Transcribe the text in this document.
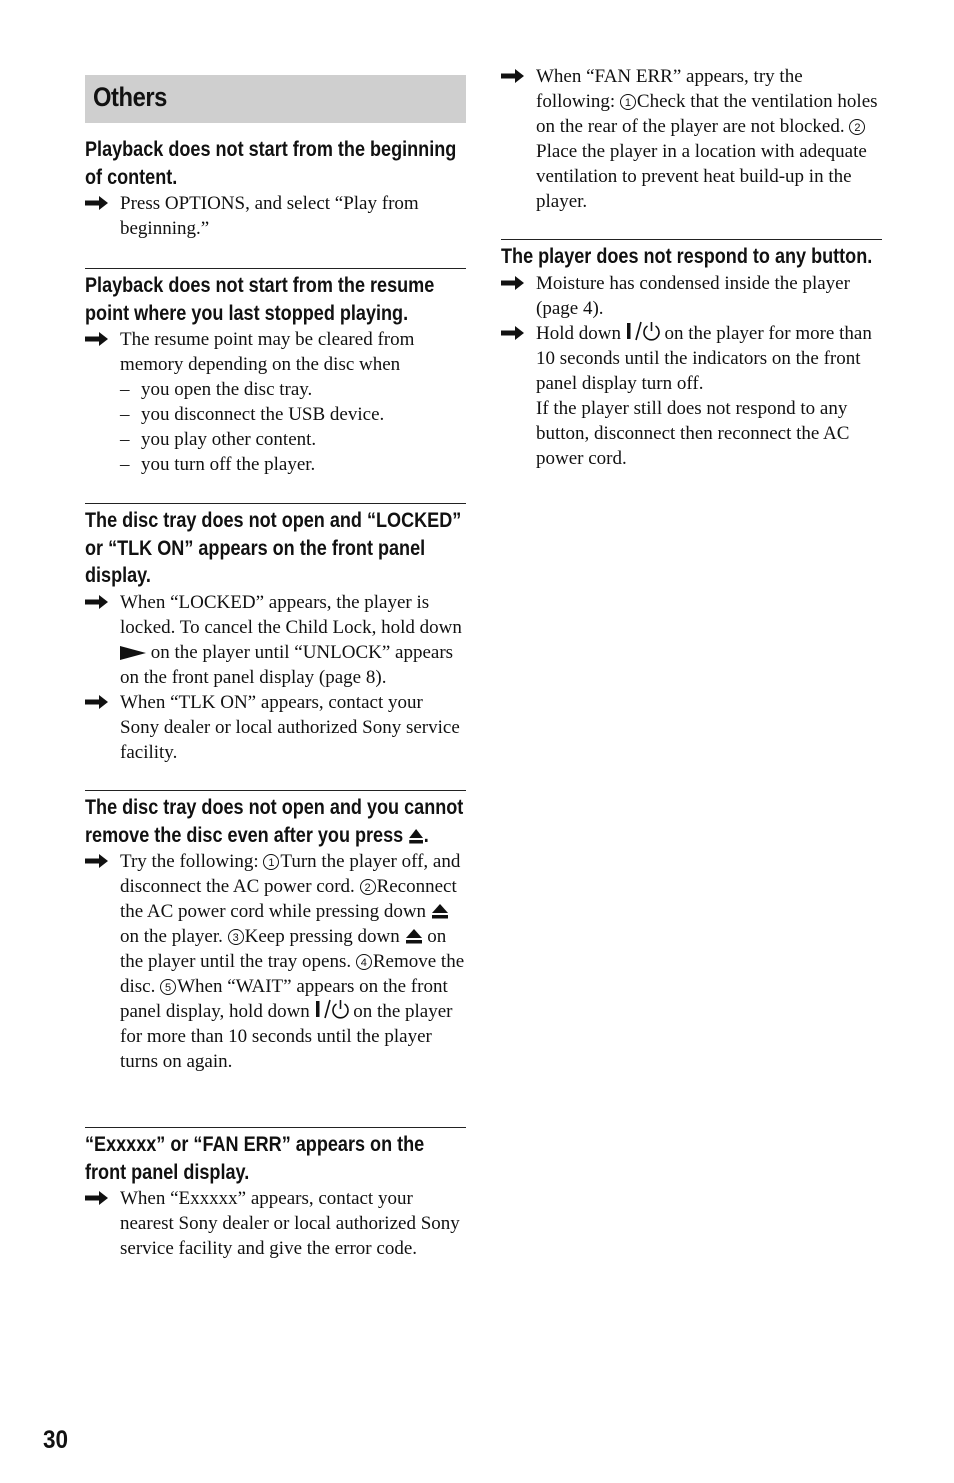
Others

Playback does not start from the beginning of content.

Press OPTIONS, and select “Play from beginning.”

Playback does not start from the resume point where you last stopped playing.

The resume point may be cleared from memory depending on the disc when
– you open the disc tray.
– you disconnect the USB device.
– you play other content.
– you turn off the player.

The disc tray does not open and “LOCKED” or “TLK ON” appears on the front panel display.

When “LOCKED” appears, the player is locked. To cancel the Child Lock, hold down  on the player until “UNLOCK” appears on the front panel display (page 8).
When “TLK ON” appears, contact your Sony dealer or local authorized Sony service facility.

The disc tray does not open and you cannot remove the disc even after you press .

Try the following: 1 Turn the player off, and disconnect the AC power cord. 2 Reconnect the AC power cord while pressing down  on the player. 3 Keep pressing down  on the player until the tray opens. 4 Remove the disc. 5 When “WAIT” appears on the front panel display, hold down  on the player for more than 10 seconds until the player turns on again.

“Exxxxx” or “FAN ERR” appears on the front panel display.

When “Exxxxx” appears, contact your nearest Sony dealer or local authorized Sony service facility and give the error code.
When “FAN ERR” appears, try the following: 1 Check that the ventilation holes on the rear of the player are not blocked. 2Place the player in a location with adequate ventilation to prevent heat build-up in the player.

The player does not respond to any button.

Moisture has condensed inside the player (page 4).
Hold down  on the player for more than 10 seconds until the indicators on the front panel display turn off.
If the player still does not respond to any button, disconnect then reconnect the AC power cord.
30
